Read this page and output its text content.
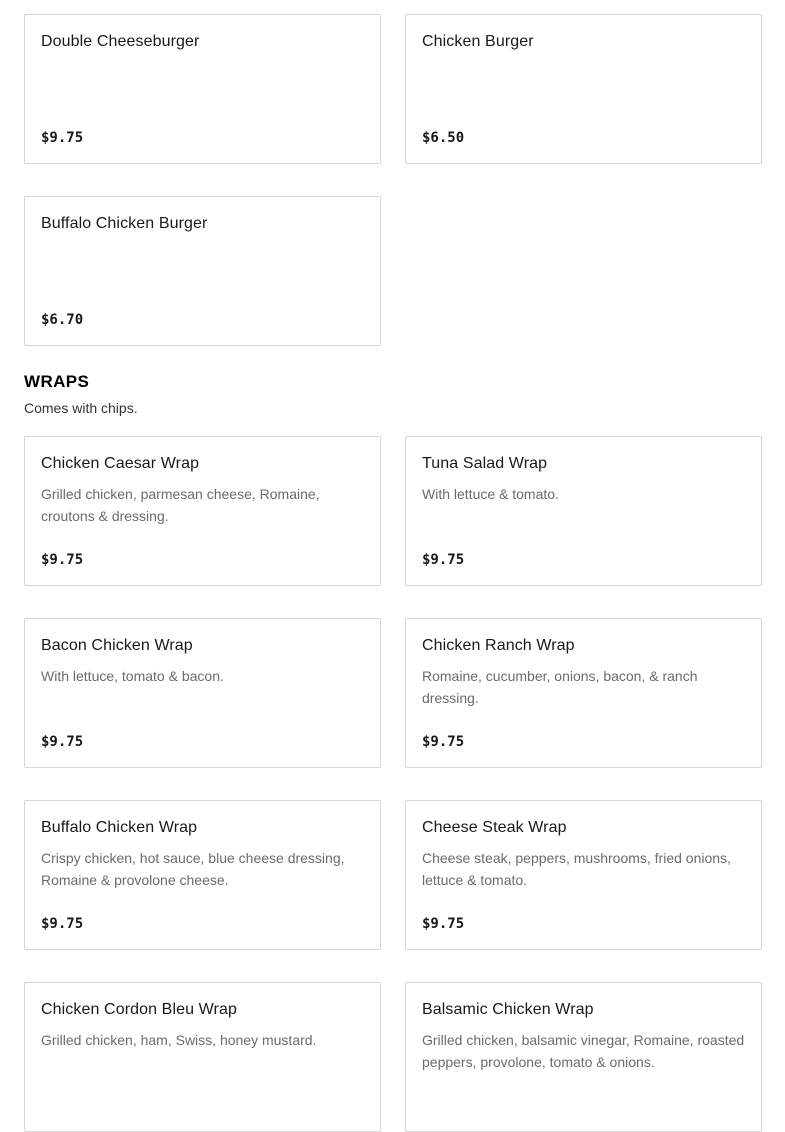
Double Cheeseburger
$9.75
Chicken Burger
$6.50
Buffalo Chicken Burger
$6.70
WRAPS

Comes with chips.

Chicken Caesar Wrap
Grilled chicken, parmesan cheese, Romaine, croutons & dressing.
$9.75
Tuna Salad Wrap
With lettuce & tomato.
$9.75
Bacon Chicken Wrap
With lettuce, tomato & bacon.
$9.75
Chicken Ranch Wrap
Romaine, cucumber, onions, bacon, & ranch dressing.
$9.75
Buffalo Chicken Wrap
Crispy chicken, hot sauce, blue cheese dressing, Romaine & provolone cheese.
$9.75
Cheese Steak Wrap
Cheese steak, peppers, mushrooms, fried onions, lettuce & tomato.
$9.75
Chicken Cordon Bleu Wrap
Grilled chicken, ham, Swiss, honey mustard.
Balsamic Chicken Wrap
Grilled chicken, balsamic vinegar, Romaine, roasted peppers, provolone, tomato & onions.
